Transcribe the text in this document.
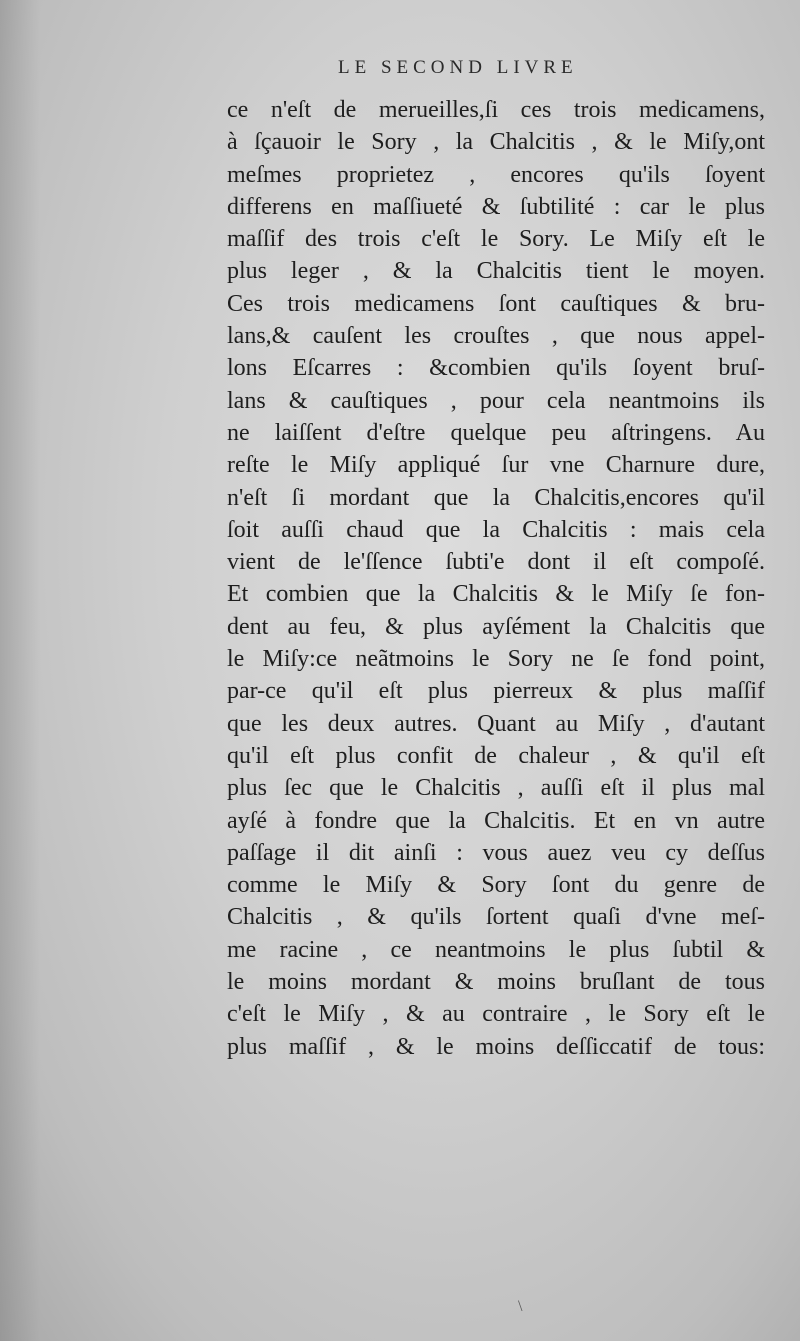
LE SECOND LIVRE
ce n'eſt de merueilles,ſi ces trois medicamens,
à ſçauoir le Sory , la Chalcitis , & le Miſy,ont
meſmes proprietez , encores qu'ils ſoyent
differens en maſſiueté & ſubtilité : car le plus
maſſif des trois c'eſt le Sory. Le Miſy eſt le
plus leger , & la Chalcitis tient le moyen.
Ces trois medicamens ſont cauſtiques & bru-
lans,& cauſent les crouſtes , que nous appel-
lons Eſcarres : &combien qu'ils ſoyent bruſ-
lans & cauſtiques , pour cela neantmoins ils
ne laiſſent d'eſtre quelque peu aſtringens. Au
reſte le Miſy appliqué ſur vne Charnure dure,
n'eſt ſi mordant que la Chalcitis,encores qu'il
ſoit auſſi chaud que la Chalcitis : mais cela
vient de le'ſſence ſubti'e dont il eſt compoſé.
Et combien que la Chalcitis & le Miſy ſe fon-
dent au feu, & plus ayſément la Chalcitis que
le Miſy:ce neãtmoins le Sory ne ſe fond point,
par-ce qu'il eſt plus pierreux & plus maſſif
que les deux autres. Quant au Miſy , d'autant
qu'il eſt plus confit de chaleur , & qu'il eſt
plus ſec que le Chalcitis , auſſi eſt il plus mal
ayſé à fondre que la Chalcitis. Et en vn autre
paſſage il dit ainſi : vous auez veu cy deſſus
comme le Miſy & Sory ſont du genre de
Chalcitis , & qu'ils ſortent quaſi d'vne meſ-
me racine , ce neantmoins le plus ſubtil &
le moins mordant & moins bruſlant de tous
c'eſt le Miſy , & au contraire , le Sory eſt le
plus maſſif , & le moins deſſiccatif de tous:
\
